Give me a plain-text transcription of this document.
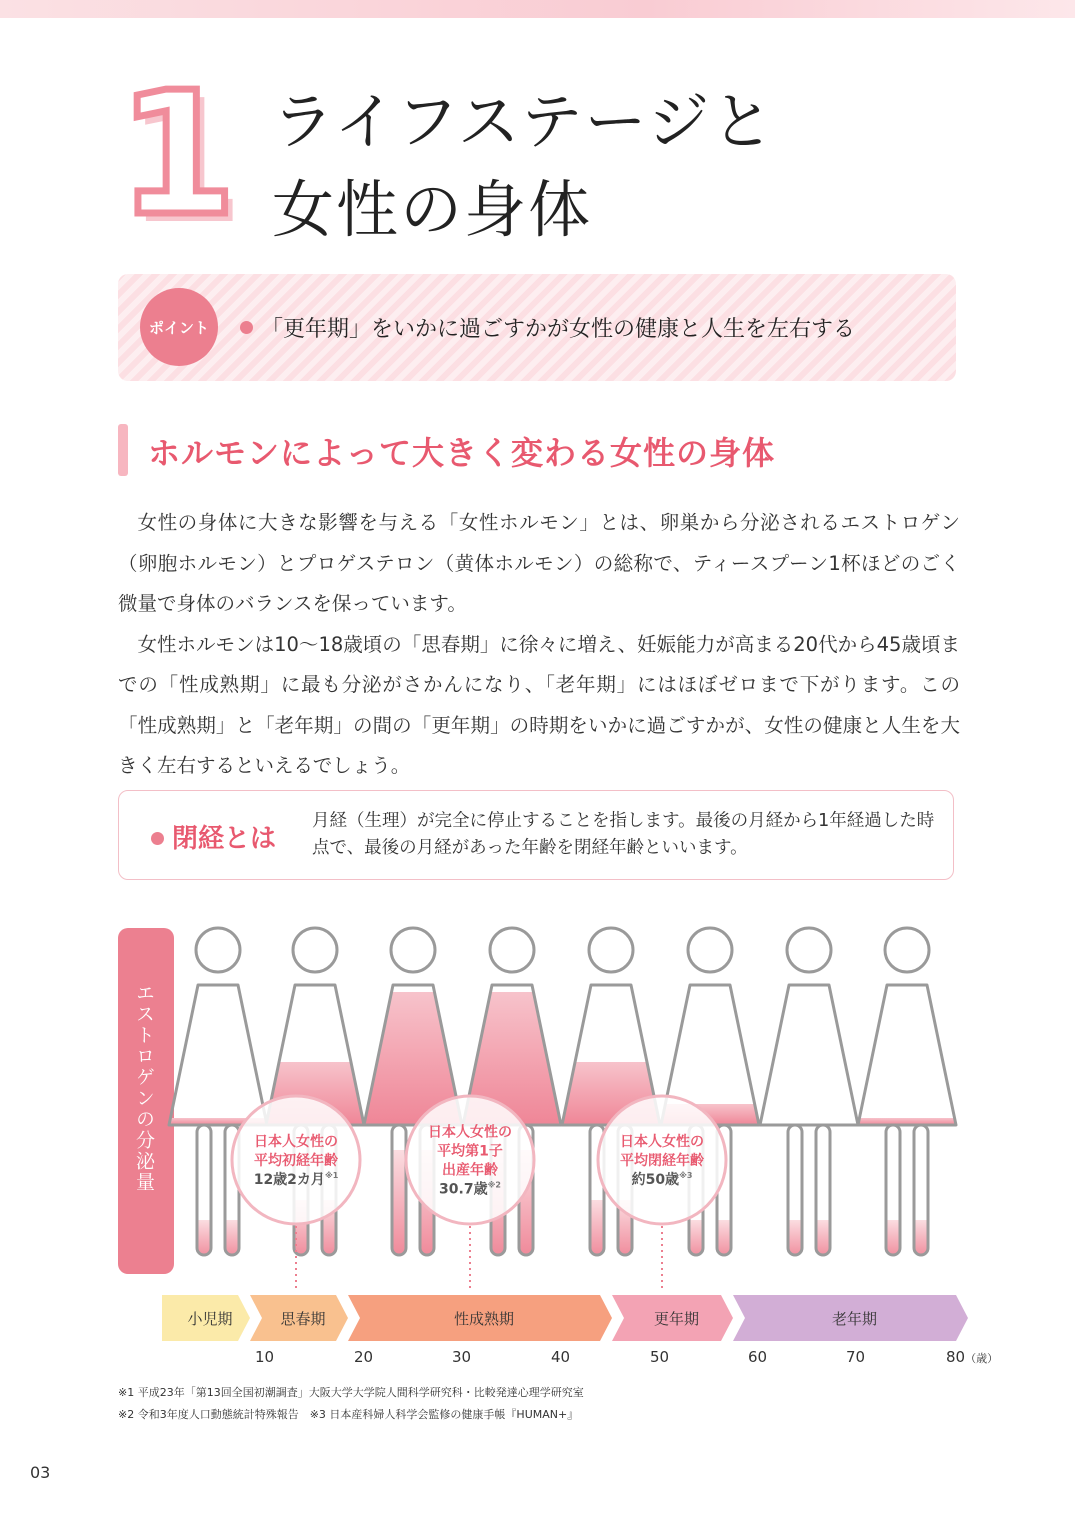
1 ライフステージと
女性の身体
ポイント	「更年期」をいかに過ごすかが女性の健康と人生を左右する
ホルモンによって大きく変わる女性の身体

女性の身体に大きな影響を与える「女性ホルモン」とは、卵巣から分泌されるエストロゲン（卵胞ホルモン）とプロゲステロン（黄体ホルモン）の総称で、ティースプーン1杯ほどのごく微量で身体のバランスを保っています。

女性ホルモンは10〜18歳頃の「思春期」に徐々に増え、妊娠能力が高まる20代から45歳頃までの「性成熟期」に最も分泌がさかんになり、「老年期」にはほぼゼロまで下がります。この「性成熟期」と「老年期」の間の「更年期」の時期をいかに過ごすかが、女性の健康と人生を大きく左右するといえるでしょう。

閉経とは
月経（生理）が完全に停止することを指します。最後の月経から1年経過した時点で、最後の月経があった年齢を閉経年齢といいます。
エストロゲンの分泌量	日本人女性の
平均初経年齢
12歳2カ月$^{※1}$
日本人女性の
平均第1子
出産年齢
30.7歳$^{※2}$
日本人女性の
平均閉経年齢
約50歳$^{※3}$
小児期	思春期	性成熟期	更年期	老年期
10	20	30	40	50	60	70	80（歳）
※1 平成23年「第13回全国初潮調査」大阪大学大学院人間科学研究科・比較発達心理学研究室
※2 令和3年度人口動態統計特殊報告　※3 日本産科婦人科学会監修の健康手帳『HUMAN+』
03
